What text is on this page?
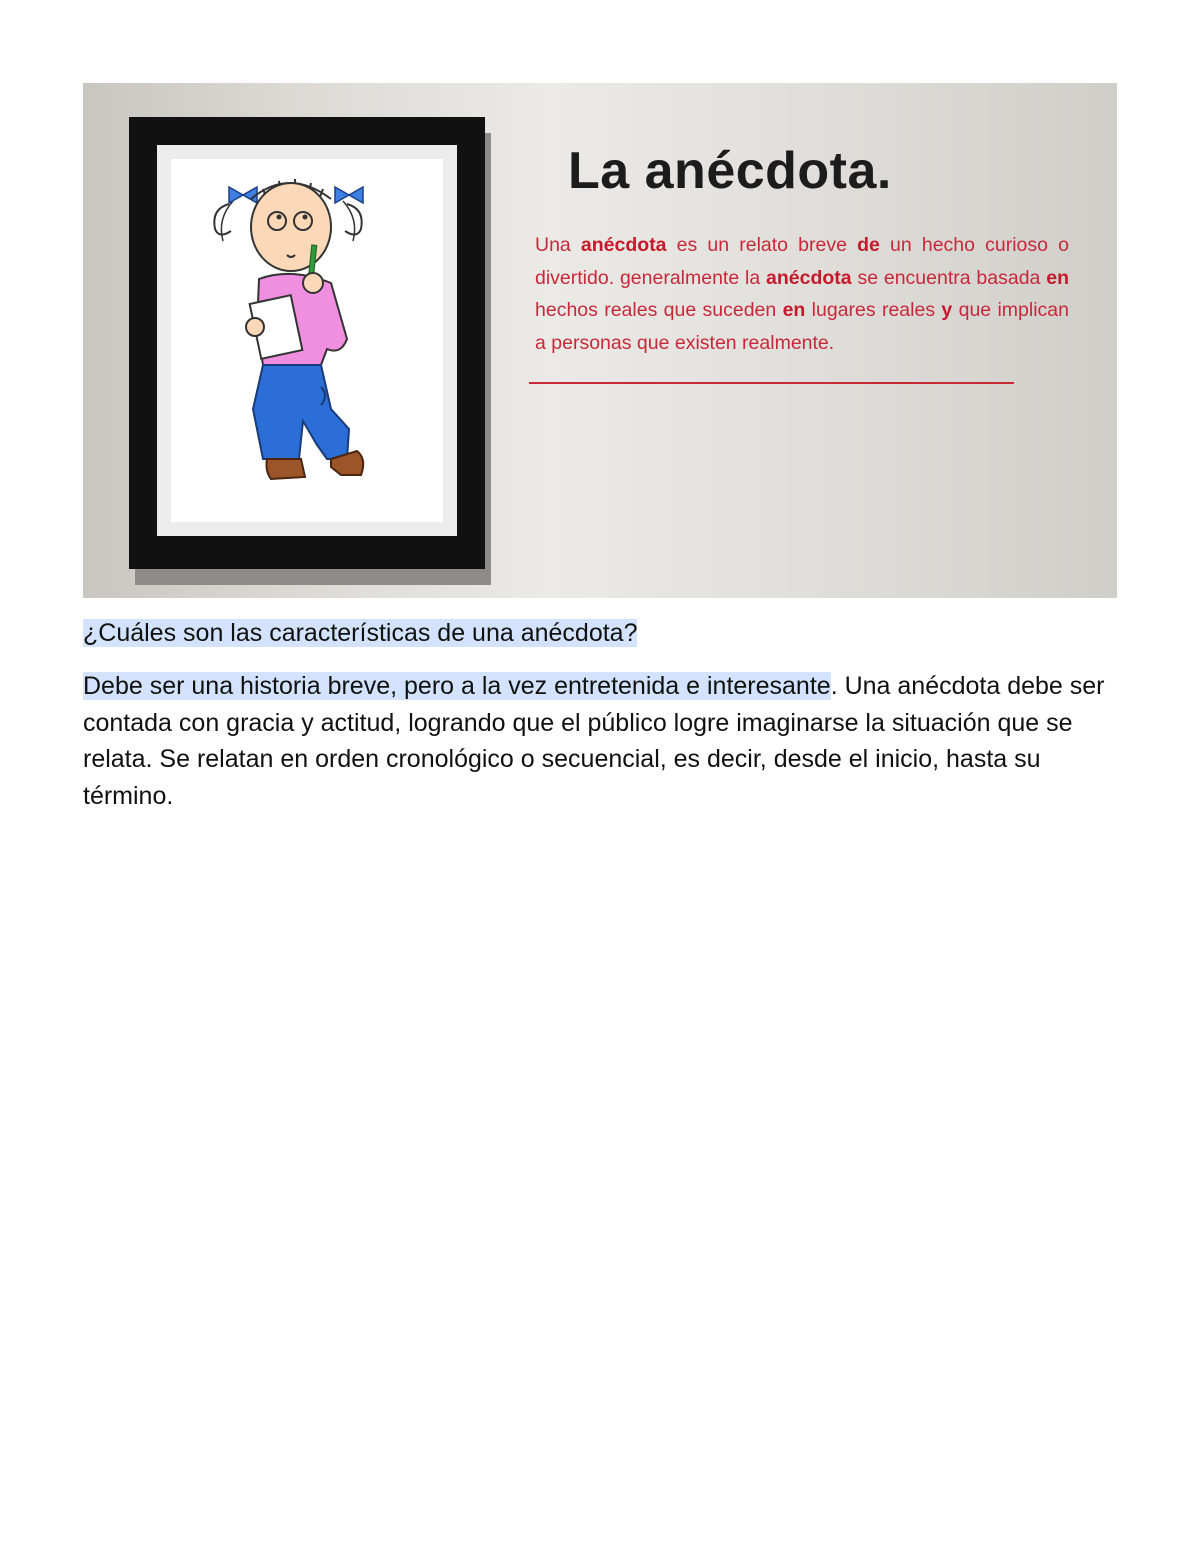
La anécdota.
Una anécdota es un relato breve de un hecho curioso o divertido. generalmente la anécdota se encuentra basada en hechos reales que suceden en lugares reales y que implican a personas que existen realmente.
¿Cuáles son las características de una anécdota?

Debe ser una historia breve, pero a la vez entretenida e interesante. Una anécdota debe ser contada con gracia y actitud, logrando que el público logre imaginarse la situación que se relata. Se relatan en orden cronológico o secuencial, es decir, desde el inicio, hasta su término.
